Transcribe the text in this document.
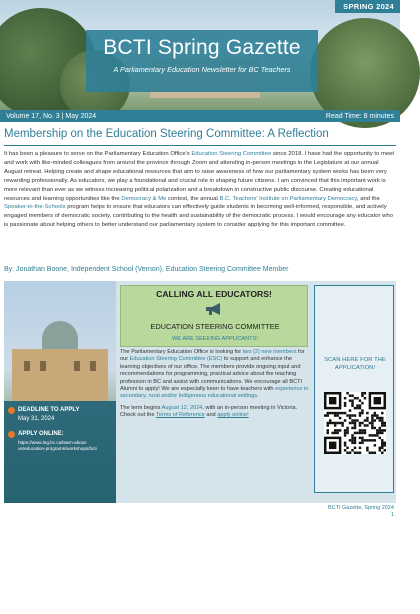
SPRING 2024
BCTI Spring Gazette
A Parliamentary Education Newsletter for BC Teachers
Volume 17, No. 3 | May 2024	Read Time: 8 minutes
Membership on the Education Steering Committee: A Reflection
It has been a pleasure to serve on the Parliamentary Education Office's Education Steering Committee since 2018. I have had the opportunity to meet and work with like-minded colleagues from around the province through Zoom and attending in-person meetings in the Legislature at our annual August retreat. Helping create and shape educational resources that aim to raise awareness of how our parliamentary system works has been very rewarding professionally. As educators, we play a foundational and crucial role in shaping future citizens. I am convinced that this important work is more relevant than ever as we witness increasing political polarization and a breakdown in constructive public discourse. Creating educational resources and learning opportunities like the Democracy & Me contest, the annual B.C. Teachers' Institute on Parliamentary Democracy, and the Speaker-in-the-Schools program helps to ensure that educators can effectively guide students in becoming well-informed, responsible, and actively engaged members of democratic society, contributing to the health and sustainability of the democratic process. I would encourage any educator who is passionate about helping others to better understand our parliamentary system to consider applying for this important committee.
By: Jonathan Boone, Independent School (Vernon), Education Steering Committee Member
DEADLINE TO APPLY
May 31, 2024
APPLY ONLINE:
https://www.leg.bc.ca/learn-about-us/education-programs/workshops/bcti
LEGISLATIVE ASSEMBLY
CALLING ALL EDUCATORS!
EDUCATION STEERING COMMITTEE
WE ARE SEEKING APPLICANTS!

The Parliamentary Education Office is looking for two (2) new members for our Education Steering Committee (ESC) to support and enhance the learning objectives of our office. The members provide ongoing input and recommendations for programming, practical advice about the teaching profession in BC and assist with communications. We encourage all BCTI Alumni to apply! We are especially keen to have teachers with experience in secondary, rural and/or Indigenous educational settings.

The term begins August 12, 2024, with an in-person meeting in Victoria. Check out the Terms of Reference and apply online!

SCAN HERE FOR THE APPLICATION!
BCTI Gazette, Spring 2024
1
